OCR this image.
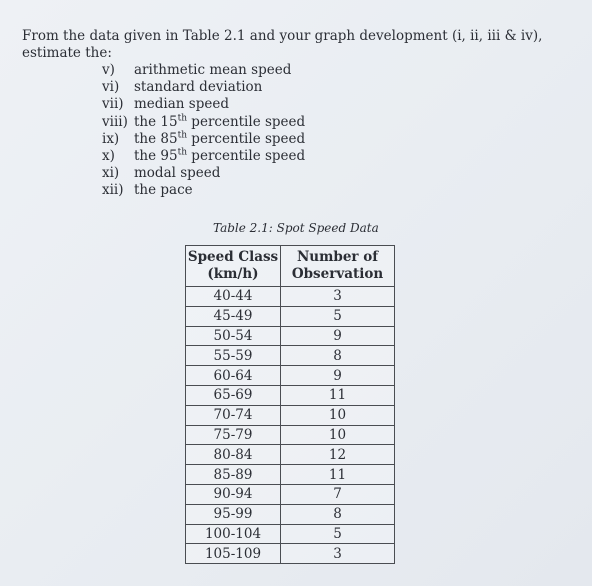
From the data given in Table 2.1 and your graph development (i, ii, iii & iv), estimate the:
v)	arithmetic mean speed
vi)	standard deviation
vii) median speed
viii) the 15th percentile speed
ix)	the 85th percentile speed
x)	the 95th percentile speed
xi)	modal speed
xii) the pace
Table 2.1: Spot Speed Data
Speed Class (km/h)	Number of Observation
40-44	3
45-49	5
50-54	9
55-59	8
60-64	9
65-69	11
70-74	10
75-79	10
80-84	12
85-89	11
90-94	7
95-99	8
100-104	5
105-109	3
